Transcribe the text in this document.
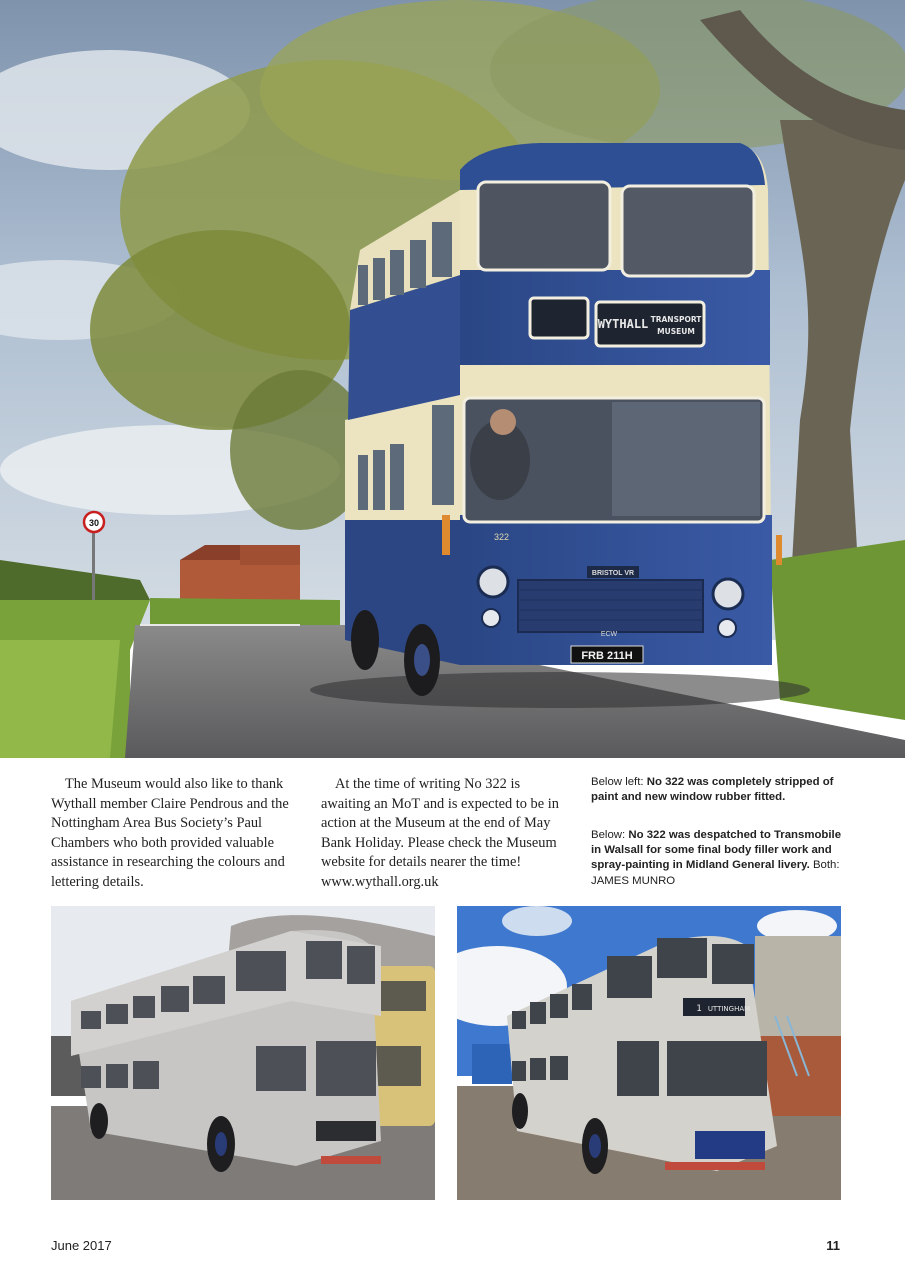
30
WYTHALL TRANSPORT
MUSEUM
322
BRISTOL VR
ECW
FRB 211H

The Museum would also like to thank Wythall member Claire Pendrous and the Nottingham Area Bus Society’s Paul Chambers who both provided valuable assistance in researching the colours and lettering details.

At the time of writing No 322 is awaiting an MoT and is expected to be in action at the Museum at the end of May Bank Holiday. Please check the Museum website for details nearer the time!
www.wythall.org.uk

Below left: No 322 was completely stripped of paint and new window rubber fitted.
Below: No 322 was despatched to Transmobile in Walsall for some final body filler work and spray-painting in Midland General livery. Both: JAMES MUNRO
1 UTTINGHAM
June 2017	11
